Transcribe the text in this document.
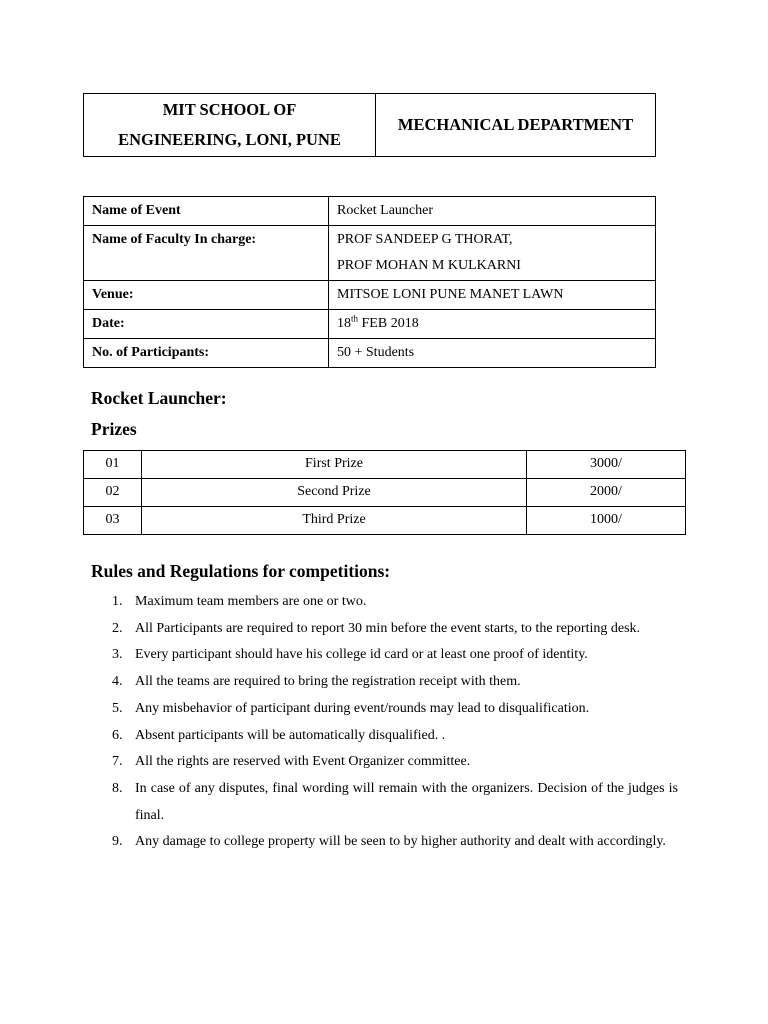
MIT SCHOOL OF
ENGINEERING, LONI, PUNE
	MECHANICAL DEPARTMENT
Name of Event	Rocket Launcher
Name of Faculty In charge:	PROF SANDEEP G THORAT,
PROF MOHAN M KULKARNI

Venue:	MITSOE LONI PUNE MANET LAWN
Date:	18th FEB 2018
No. of Participants:	50 + Students
Rocket Launcher:
Prizes
01	First Prize	3000/
02	Second Prize	2000/
03	Third Prize	1000/
Rules and Regulations for competitions:
1. Maximum team members are one or two.
2. All Participants are required to report 30 min before the event starts, to the reporting desk.
3. Every participant should have his college id card or at least one proof of identity.
4. All the teams are required to bring the registration receipt with them.
5. Any misbehavior of participant during event/rounds may lead to disqualification.
6. Absent participants will be automatically disqualified. .
7. All the rights are reserved with Event Organizer committee.
8. In case of any disputes, final wording will remain with the organizers. Decision of the judges is final.
9. Any damage to college property will be seen to by higher authority and dealt with accordingly.
